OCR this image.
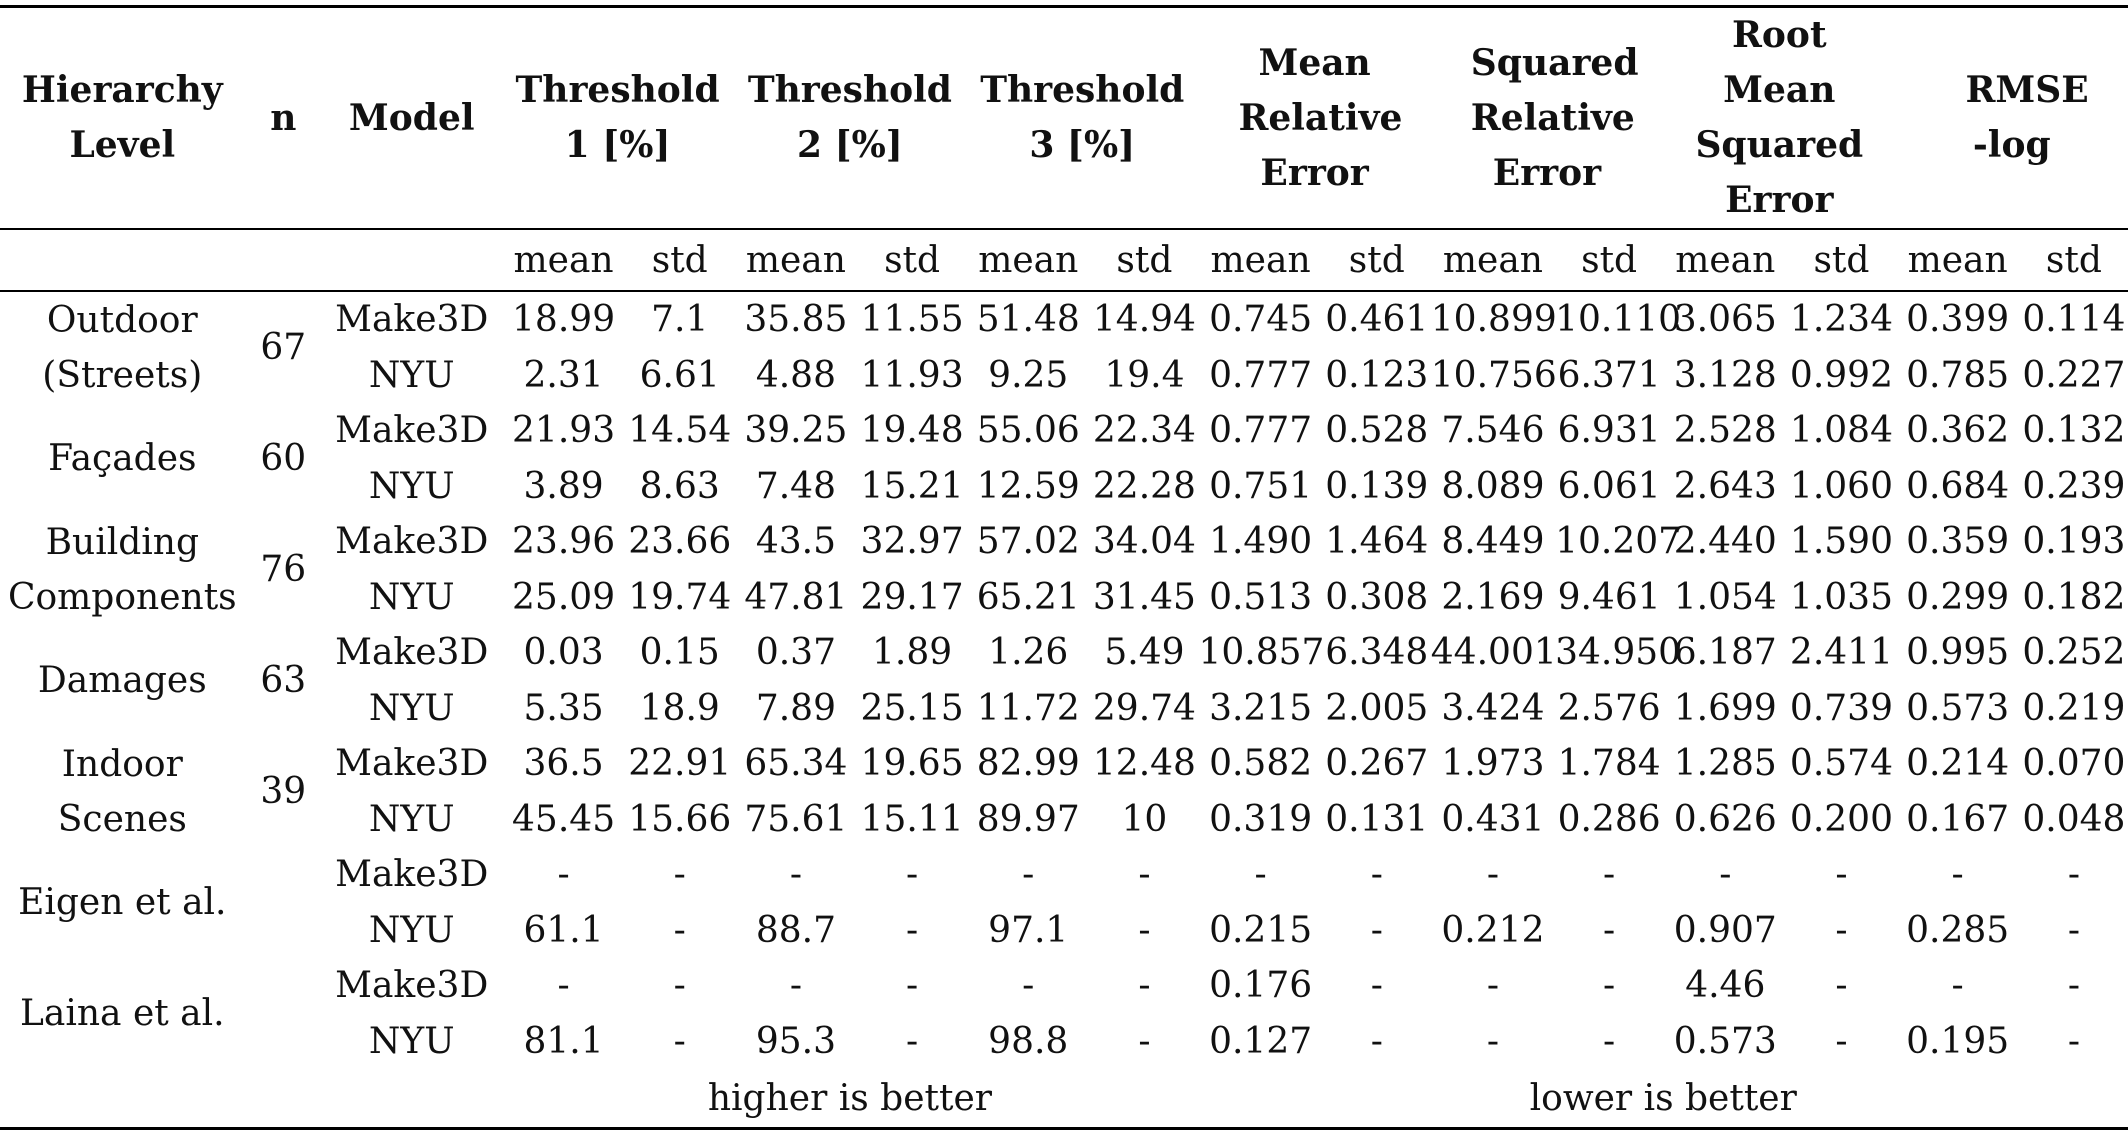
Hierarchy Level	n	Model	Threshold 1 [%]		Threshold 2 [%]		Threshold 3 [%]		Mean Relative Error		Squared Relative Error		Root Mean Squared Error		RMSE -log	
			mean	std	mean	std	mean	std	mean	std	mean	std	mean	std	mean	std
Outdoor (Streets)	67	Make3D	18.99	7.1	35.85	11.55	51.48	14.94	0.745	0.461	10.899	10.110	3.065	1.234	0.399	0.114
		NYU	2.31	6.61	4.88	11.93	9.25	19.4	0.777	0.123	10.756	6.371	3.128	0.992	0.785	0.227
Façades	60	Make3D	21.93	14.54	39.25	19.48	55.06	22.34	0.777	0.528	7.546	6.931	2.528	1.084	0.362	0.132
		NYU	3.89	8.63	7.48	15.21	12.59	22.28	0.751	0.139	8.089	6.061	2.643	1.060	0.684	0.239
Building Components	76	Make3D	23.96	23.66	43.5	32.97	57.02	34.04	1.490	1.464	8.449	10.207	2.440	1.590	0.359	0.193
		NYU	25.09	19.74	47.81	29.17	65.21	31.45	0.513	0.308	2.169	9.461	1.054	1.035	0.299	0.182
Damages	63	Make3D	0.03	0.15	0.37	1.89	1.26	5.49	10.857	6.348	44.001	34.950	6.187	2.411	0.995	0.252
		NYU	5.35	18.9	7.89	25.15	11.72	29.74	3.215	2.005	3.424	2.576	1.699	0.739	0.573	0.219
Indoor Scenes	39	Make3D	36.5	22.91	65.34	19.65	82.99	12.48	0.582	0.267	1.973	1.784	1.285	0.574	0.214	0.070
		NYU	45.45	15.66	75.61	15.11	89.97	10	0.319	0.131	0.431	0.286	0.626	0.200	0.167	0.048
Eigen et al.		Make3D	-	-	-	-	-	-	-	-	-	-	-	-	-	-
		NYU	61.1	-	88.7	-	97.1	-	0.215	-	0.212	-	0.907	-	0.285	-
Laina et al.		Make3D	-	-	-	-	-	-	0.176	-	-	-	4.46	-	-	-
		NYU	81.1	-	95.3	-	98.8	-	0.127	-	-	-	0.573	-	0.195	-
			higher is better						lower is better							
